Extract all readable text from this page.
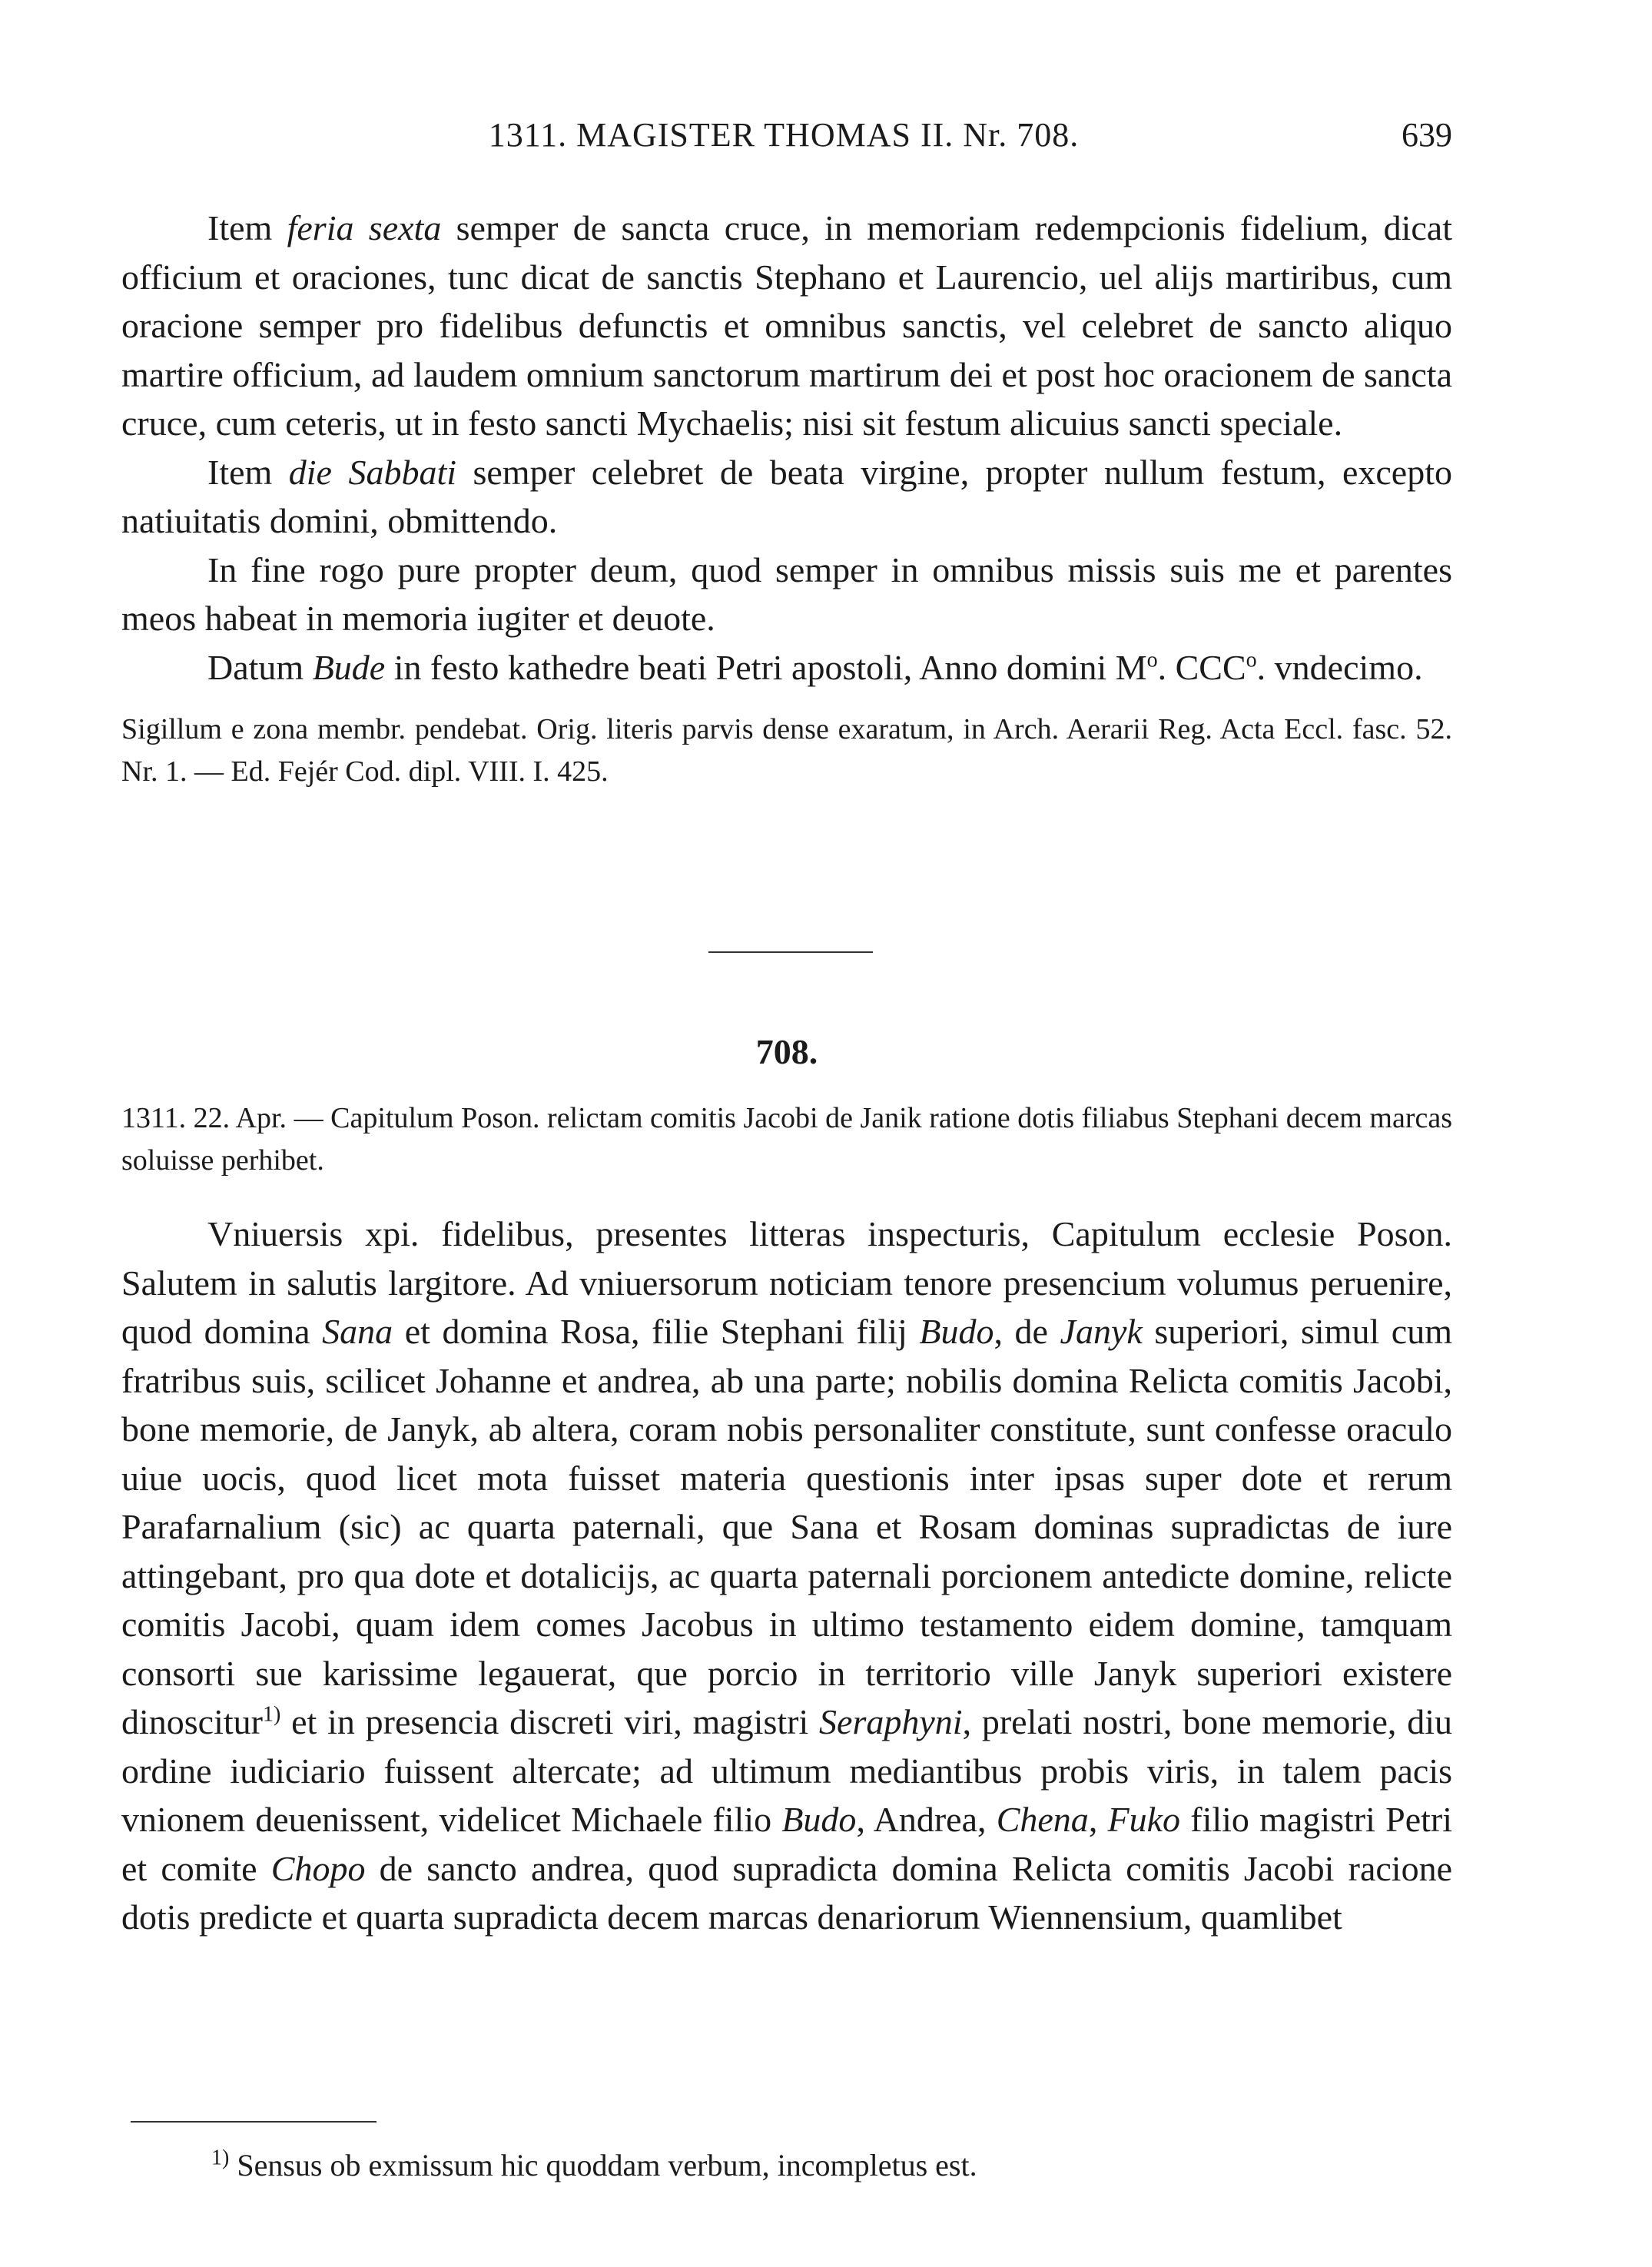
1311. MAGISTER THOMAS II. Nr. 708.	639

Item feria sexta semper de sancta cruce, in memoriam redempcionis fidelium, dicat officium et oraciones, tunc dicat de sanctis Stephano et Laurencio, uel alijs martiribus, cum oracione semper pro fidelibus defunctis et omnibus sanctis, vel celebret de sancto aliquo martire officium, ad laudem omnium sanctorum martirum dei et post hoc oracionem de sancta cruce, cum ceteris, ut in festo sancti Mychaelis; nisi sit festum alicuius sancti speciale.

Item die Sabbati semper celebret de beata virgine, propter nullum festum, excepto natiuitatis domini, obmittendo.

In fine rogo pure propter deum, quod semper in omnibus missis suis me et parentes meos habeat in memoria iugiter et deuote.

Datum Bude in festo kathedre beati Petri apostoli, Anno domini $M^o$. CCC$^o$. vndecimo.

Sigillum e zona membr. pendebat. Orig. literis parvis dense exaratum, in Arch. Aerarii Reg. Acta Eccl. fasc. 52. Nr. 1. — Ed. Fejér Cod. dipl. VIII. I. 425.

708.

1311. 22. Apr. — Capitulum Poson. relictam comitis Jacobi de Janik ratione dotis filiabus Stephani decem marcas soluisse perhibet.

Vniuersis xpi. fidelibus, presentes litteras inspecturis, Capitulum ecclesie Poson. Salutem in salutis largitore. Ad vniuersorum noticiam tenore presencium volumus peruenire, quod domina Sana et domina Rosa, filie Stephani filij Budo, de Janyk superiori, simul cum fratribus suis, scilicet Johanne et andrea, ab una parte; nobilis domina Relicta comitis Jacobi, bone memorie, de Janyk, ab altera, coram nobis personaliter constitute, sunt confesse oraculo uiue uocis, quod licet mota fuisset materia questionis inter ipsas super dote et rerum Parafarnalium (sic) ac quarta paternali, que Sana et Rosam dominas supradictas de iure attingebant, pro qua dote et dotalicijs, ac quarta paternali porcionem antedicte domine, relicte comitis Jacobi, quam idem comes Jacobus in ultimo testamento eidem domine, tamquam consorti sue karissime legauerat, que porcio in territorio ville Janyk superiori existere dinoscitur$^{1)}$ et in presencia discreti viri, magistri Seraphyni, prelati nostri, bone memorie, diu ordine iudiciario fuissent altercate; ad ultimum mediantibus probis viris, in talem pacis vnionem deuenissent, videlicet Michaele filio Budo, Andrea, Chena, Fuko filio magistri Petri et comite Chopo de sancto andrea, quod supradicta domina Relicta comitis Jacobi racione dotis predicte et quarta supradicta decem marcas denariorum Wiennensium, quamlibet

$^{1)}$ Sensus ob exmissum hic quoddam verbum, incompletus est.
